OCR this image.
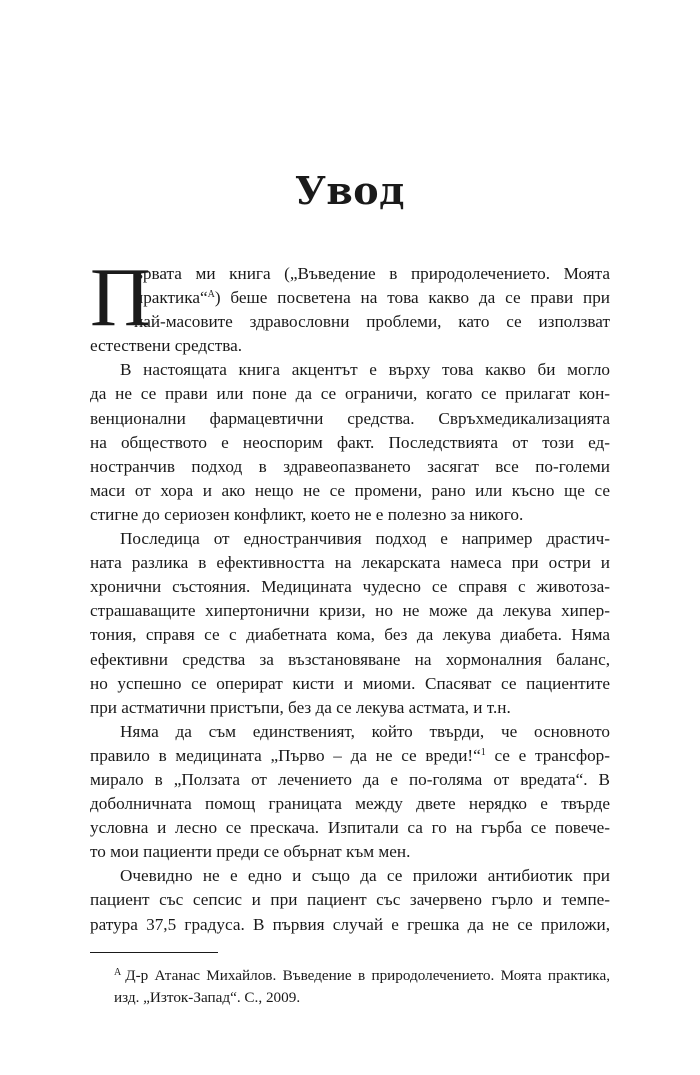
Увод
П
ървата ми книга („Въведение в природолечението. Моята
практика“$^A$) беше посветена на това какво да се прави при
най-масовите здравословни проблеми, като се използват
естествени средства.
В настоящата книга акцентът е върху това какво би могло
да не се прави или поне да се ограничи, когато се прилагат кон-
венционални фармацевтични средства. Свръхмедикализацията
на обществото е неоспорим факт. Последствията от този ед-
ностранчив подход в здравеопазването засягат все по-големи
маси от хора и ако нещо не се промени, рано или късно ще се
стигне до сериозен конфликт, което не е полезно за никого.
Последица от едностранчивия подход е например драстич-
ната разлика в ефективността на лекарската намеса при остри и
хронични състояния. Медицината чудесно се справя с животоза-
страшаващите хипертонични кризи, но не може да лекува хипер-
тония, справя се с диабетната кома, без да лекува диабета. Няма
ефективни средства за възстановяване на хормоналния баланс,
но успешно се оперират кисти и миоми. Спасяват се пациентите
при астматични пристъпи, без да се лекува астмата, и т.н.
Няма да съм единственият, който твърди, че основното
правило в медицината „Първо – да не се вреди!“$^1$ се е трансфор-
мирало в „Ползата от лечението да е по-голяма от вредата“. В
доболничната помощ границата между двете нерядко е твърде
условна и лесно се прескача. Изпитали са го на гърба се повече-
то мои пациенти преди се обърнат към мен.
Очевидно не е едно и също да се приложи антибиотик при
пациент със сепсис и при пациент със зачервено гърло и темпе-
ратура 37,5 градуса. В първия случай е грешка да не се приложи,
$^A$ Д-р Атанас Михайлов. Въведение в природолечението. Моята практика,
изд. „Изток-Запад“. С., 2009.
